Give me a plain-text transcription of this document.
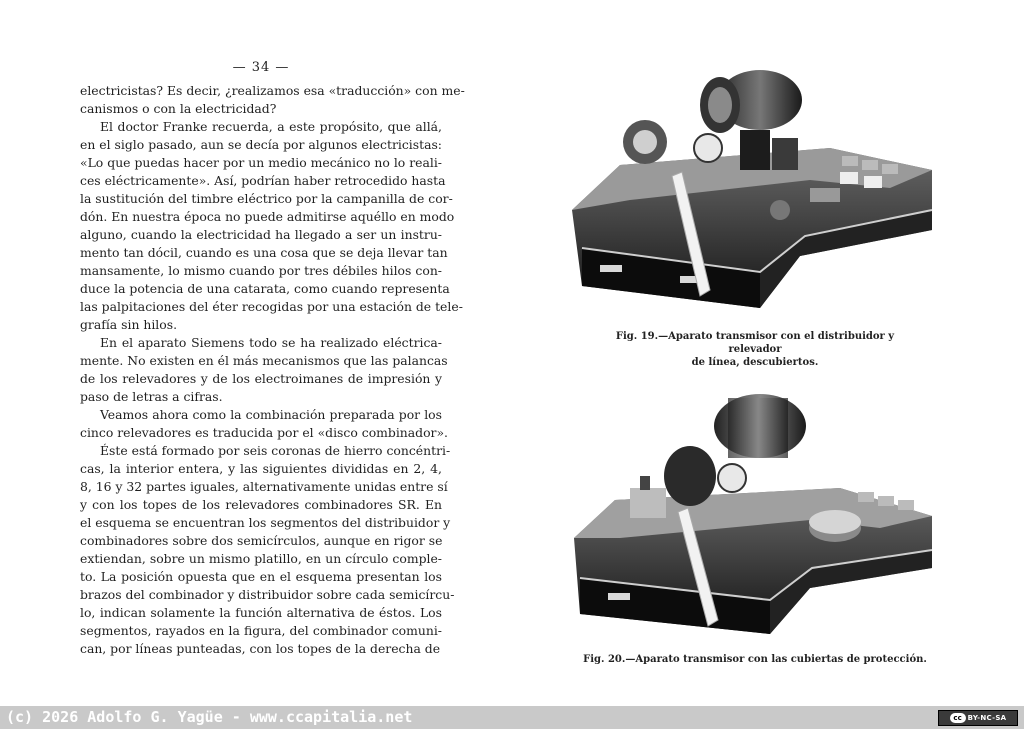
— 34 —
electricistas? Es decir, ¿realizamos esa «traducción» con me-
canismos o con la electricidad?
El doctor Franke recuerda, a este propósito, que allá,
en el siglo pasado, aun se decía por algunos electricistas:
«Lo que puedas hacer por un medio mecánico no lo reali-
ces eléctricamente». Así, podrían haber retrocedido hasta
la sustitución del timbre eléctrico por la campanilla de cor-
dón. En nuestra época no puede admitirse aquéllo en modo
alguno, cuando la electricidad ha llegado a ser un instru-
mento tan dócil, cuando es una cosa que se deja llevar tan
mansamente, lo mismo cuando por tres débiles hilos con-
duce la potencia de una catarata, como cuando representa
las palpitaciones del éter recogidas por una estación de tele-
grafía sin hilos.
En el aparato Siemens todo se ha realizado eléctrica-
mente. No existen en él más mecanismos que las palancas
de los relevadores y de los electroimanes de impresión y
paso de letras a cifras.
Veamos ahora como la combinación preparada por los
cinco relevadores es traducida por el «disco combinador».
Éste está formado por seis coronas de hierro concéntri-
cas, la interior entera, y las siguientes divididas en 2, 4,
8, 16 y 32 partes iguales, alternativamente unidas entre sí
y con los topes de los relevadores combinadores SR. En
el esquema se encuentran los segmentos del distribuidor y
combinadores sobre dos semicírculos, aunque en rigor se
extiendan, sobre un mismo platillo, en un círculo comple-
to. La posición opuesta que en el esquema presentan los
brazos del combinador y distribuidor sobre cada semicírcu-
lo, indican solamente la función alternativa de éstos. Los
segmentos, rayados en la figura, del combinador comuni-
can, por líneas punteadas, con los topes de la derecha de
Fig. 19.—Aparato transmisor con el distribuidor y relevador
de línea, descubiertos.
Fig. 20.—Aparato transmisor con las cubiertas de protección.
(c) 2026 Adolfo G. Yagüe - www.ccapitalia.net	cc BY-NC-SA
